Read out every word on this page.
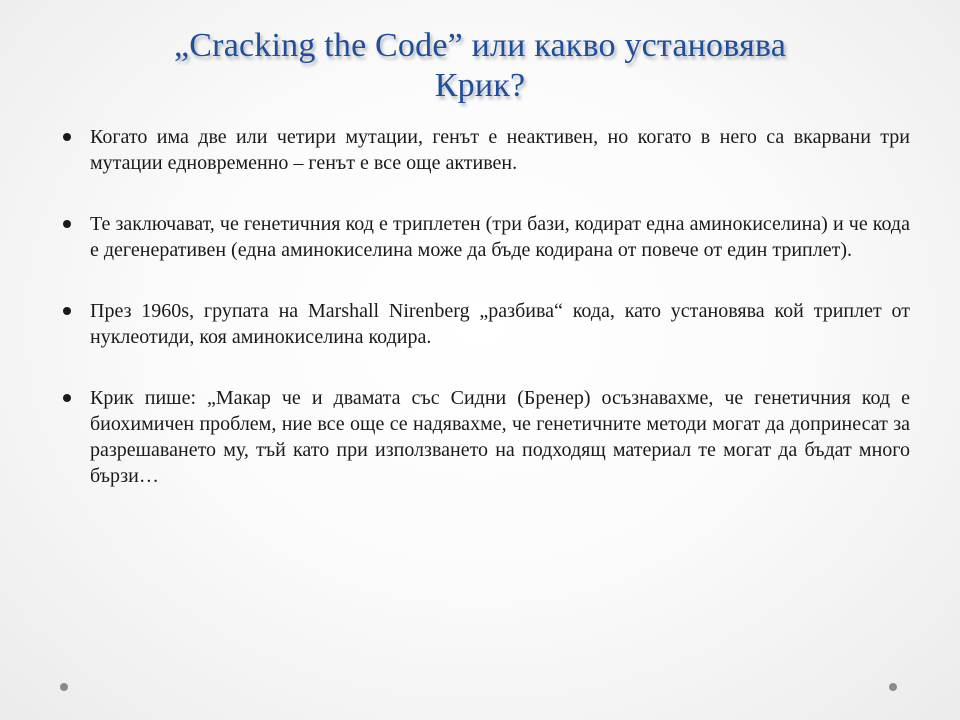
„Cracking the Code” или какво установява
Крик?
Когато има две или четири мутации, генът е неактивен, но когато в него са вкарвани три мутации едновременно – генът е все още активен.
Те заключават, че генетичния код е триплетен (три бази, кодират една аминокиселина) и че кода е дегенеративен (една аминокиселина може да бъде кодирана от повече от един триплет).
През 1960s, групата на Marshall Nirenberg „разбива“ кода, като установява кой триплет от нуклеотиди, коя аминокиселина кодира.
Крик пише: „Макар че и двамата със Сидни (Бренер) осъзнавахме, че генетичния код е биохимичен проблем, ние все още се надявахме, че генетичните методи могат да допринесат за разрешаването му, тъй като при използването на подходящ материал те могат да бъдат много бързи…
